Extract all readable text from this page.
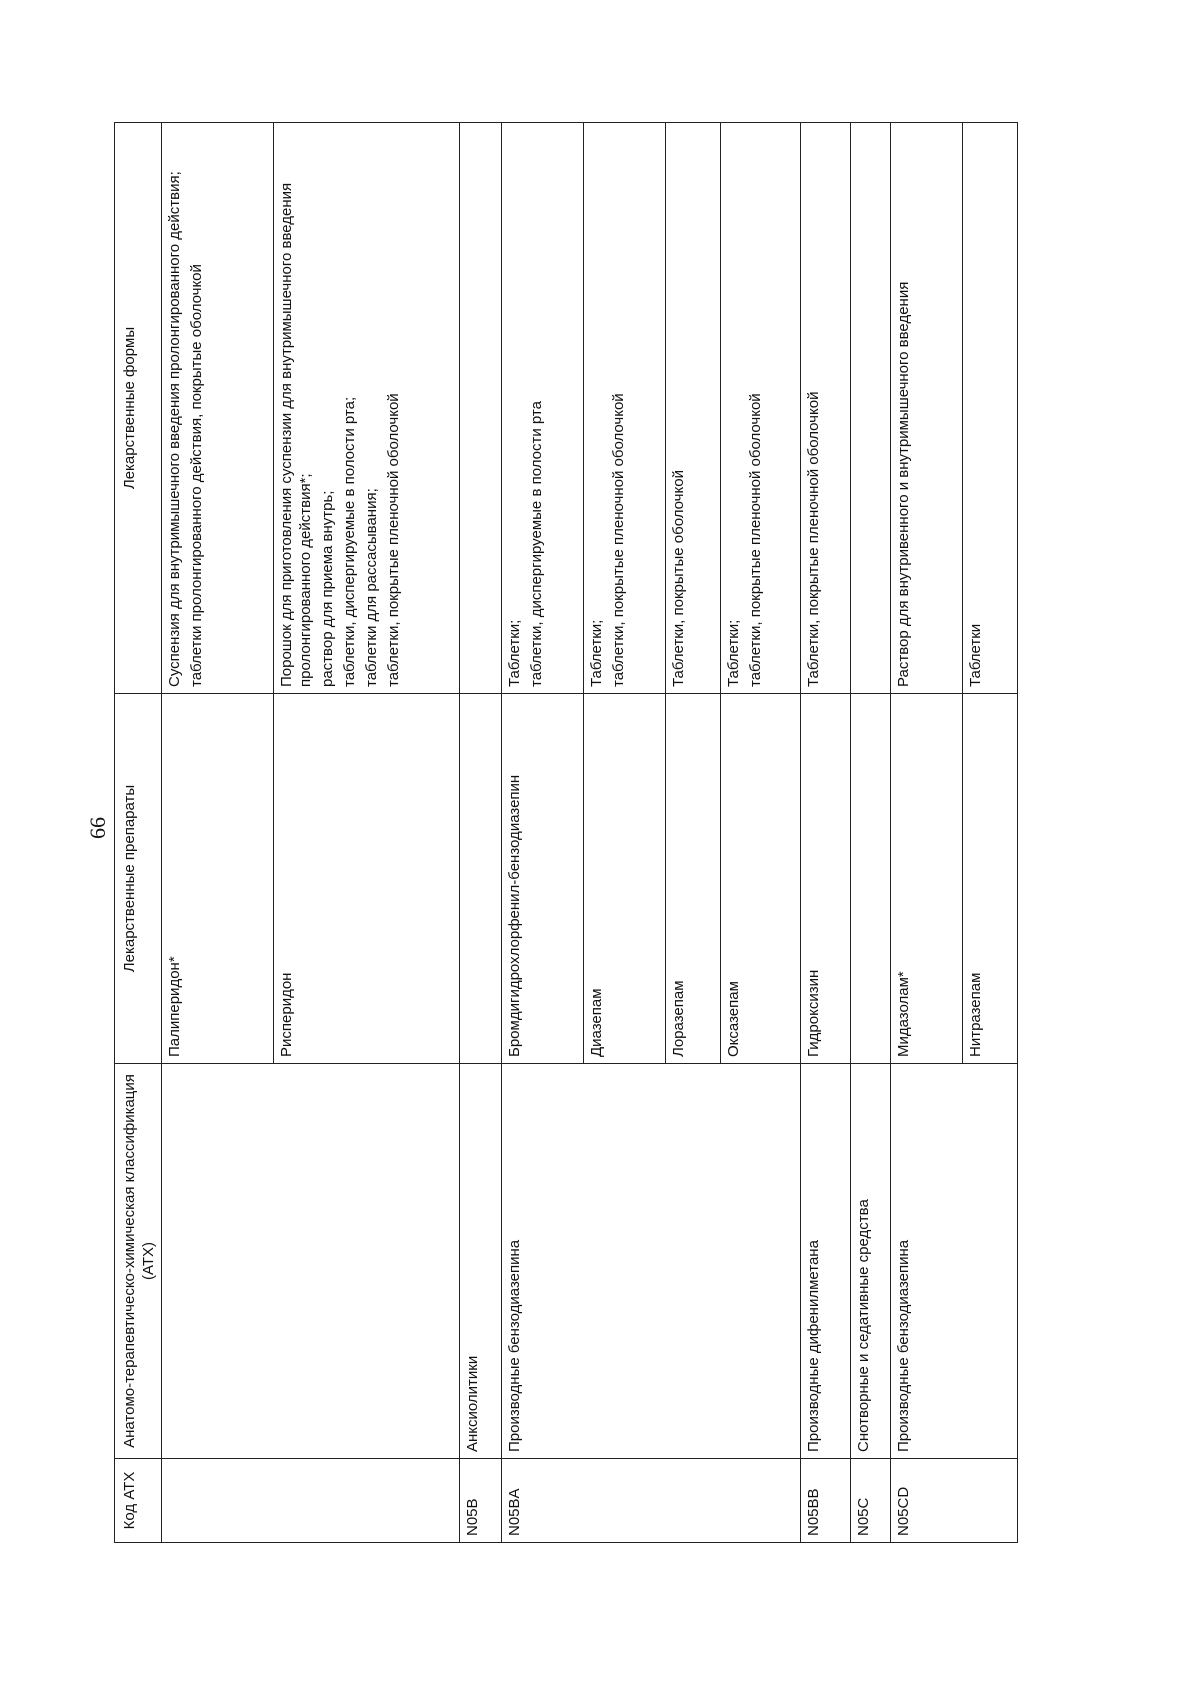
66
Код АТХ	Анатомо-терапевтическо-химическая классификация (АТХ)	Лекарственные препараты	Лекарственные формы
		Палиперидон*	Суспензия для внутримышечного введения пролонгированного действия; таблетки пролонгированного действия, покрытые оболочкой

		Рисперидон	Порошок для приготовления суспензии для внутримышечного введения пролонгированного действия*; раствор для приема внутрь; таблетки, диспергируемые в полости рта; таблетки для рассасывания; таблетки, покрытые пленочной оболочкой

N05B	Анксиолитики		
N05BA	Производные бензодиазепина	Бромдигидрохлорфенил-бензодиазепин	Таблетки; таблетки, диспергируемые в полости рта

		Диазепам	Таблетки; таблетки, покрытые пленочной оболочкой

		Лоразепам	Таблетки, покрытые оболочкой

		Оксазепам	Таблетки; таблетки, покрытые пленочной оболочкой

N05BB	Производные дифенилметана	Гидроксизин	Таблетки, покрытые пленочной оболочкой

N05C	Снотворные и седативные средства		
N05CD	Производные бензодиазепина	Мидазолам*	Раствор для внутривенного и внутримышечного введения

		Нитразепам	Таблетки
